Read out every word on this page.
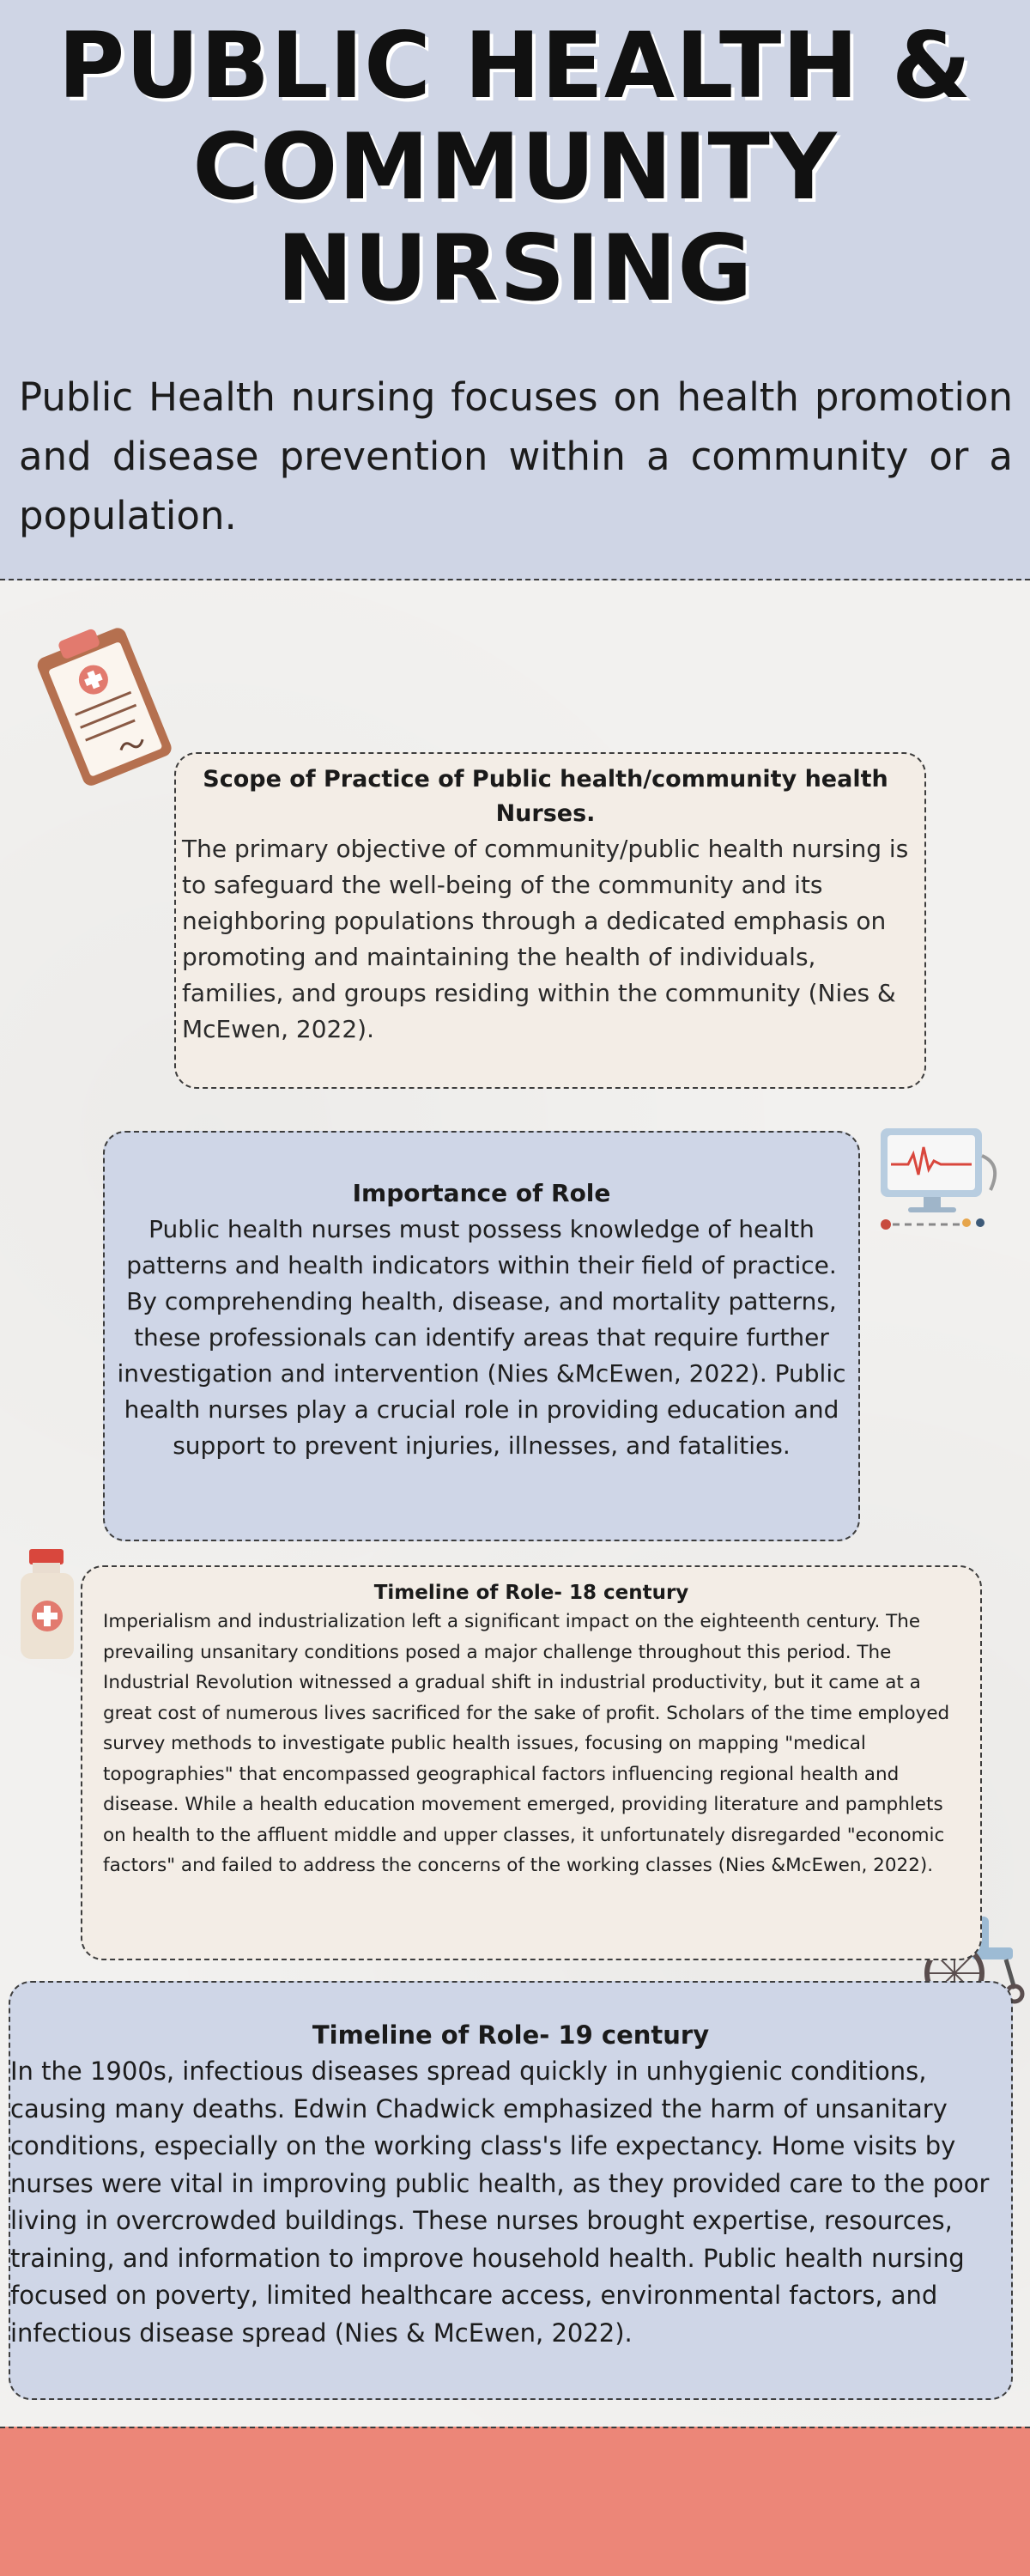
PUBLIC HEALTH & COMMUNITY NURSING

Public Health nursing focuses on health promotion and disease prevention within a community or a population.

Scope of Practice of Public health/community health Nurses.

The primary objective of community/public health nursing is to safeguard the well-being of the community and its neighboring populations through a dedicated emphasis on promoting and maintaining the health of individuals, families, and groups residing within the community (Nies & McEwen, 2022).

Importance of Role

Public health nurses must possess knowledge of health patterns and health indicators within their field of practice. By comprehending health, disease, and mortality patterns, these professionals can identify areas that require further investigation and intervention (Nies &McEwen, 2022). Public health nurses play a crucial role in providing education and support to prevent injuries, illnesses, and fatalities.

Timeline of Role- 18 century

Imperialism and industrialization left a significant impact on the eighteenth century. The prevailing unsanitary conditions posed a major challenge throughout this period. The Industrial Revolution witnessed a gradual shift in industrial productivity, but it came at a great cost of numerous lives sacrificed for the sake of profit. Scholars of the time employed survey methods to investigate public health issues, focusing on mapping "medical topographies" that encompassed geographical factors influencing regional health and disease. While a health education movement emerged, providing literature and pamphlets on health to the affluent middle and upper classes, it unfortunately disregarded "economic factors" and failed to address the concerns of the working classes (Nies &McEwen, 2022).

Timeline of Role- 19 century

In the 1900s, infectious diseases spread quickly in unhygienic conditions, causing many deaths. Edwin Chadwick emphasized the harm of unsanitary conditions, especially on the working class's life expectancy. Home visits by nurses were vital in improving public health, as they provided care to the poor living in overcrowded buildings. These nurses brought expertise, resources, training, and information to improve household health. Public health nursing focused on poverty, limited healthcare access, environmental factors, and infectious disease spread (Nies & McEwen, 2022).
